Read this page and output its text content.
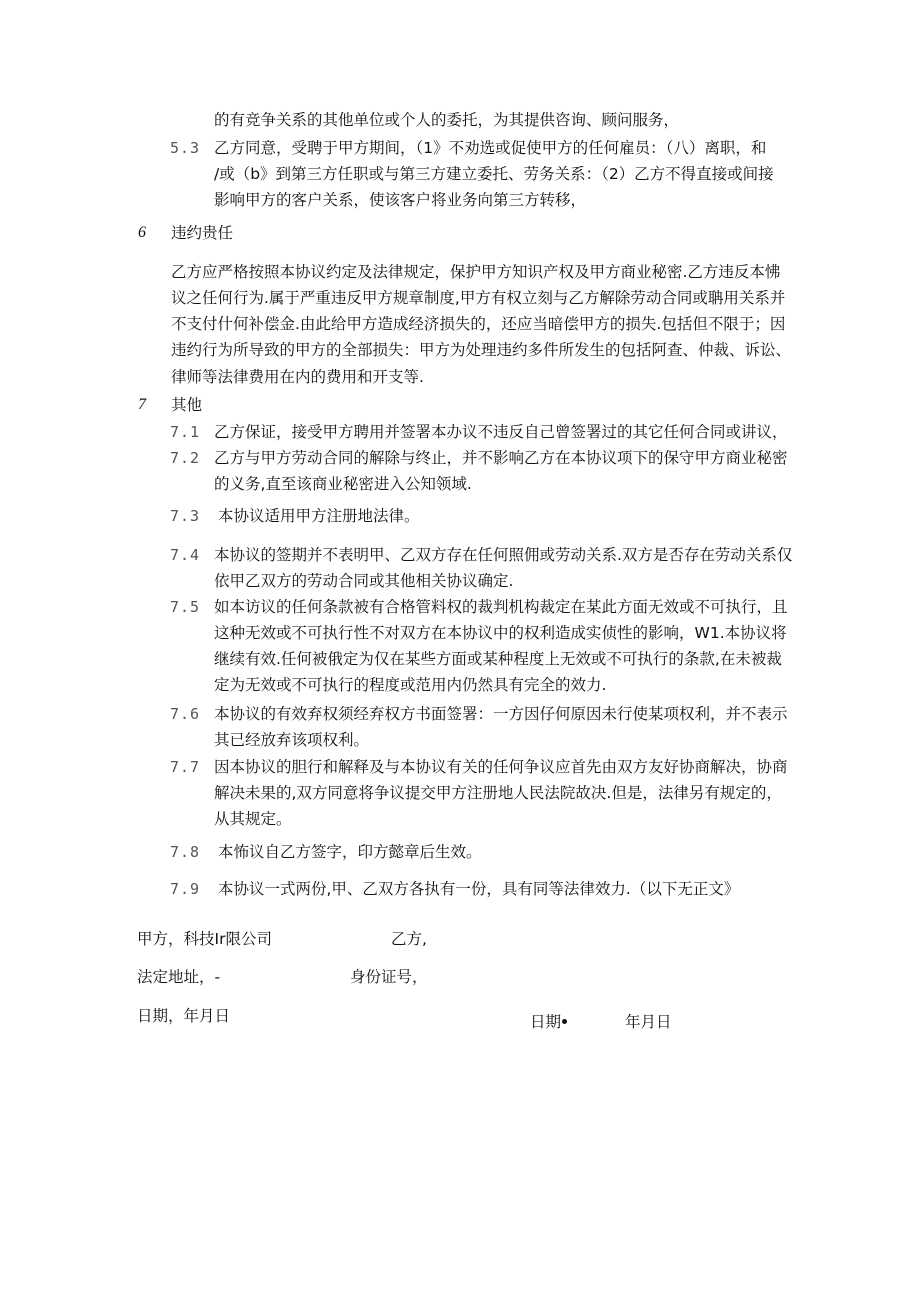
的有竞争关系的其他单位或个人的委托，为其提供咨询、顾问服务，
5.3 乙方同意，受聘于甲方期间，（1》不劝选或促使甲方的任何雇员：（八）离职，和
/或（b》到第三方任职或与第三方建立委托、劳务关系：（2）乙方不得直接或间接
影响甲方的客户关系，使该客户将业务向第三方转移，
6 违约贵任
乙方应严格按照本协议约定及法律规定，保护甲方知识产权及甲方商业秘密.乙方违反本怫
议之任何行为.属于严重违反甲方规章制度,甲方有权立刻与乙方解除劳动合同或聃用关系并
不支付什何补偿金.由此给甲方造成经济损失的，还应当暗偿甲方的损失.包括但不限于；因
违约行为所导致的甲方的全部损失：甲方为处理违约多件所发生的包括阿查、仲裁、诉讼、
律师等法律费用在内的费用和开支等.
7 其他
7.1 乙方保证，接受甲方聘用并签署本办议不违反自己曾签署过的其它任何合同或讲议，
7.2 乙方与甲方劳动合同的解除与终止，并不影响乙方在本协议项下的保守甲方商业秘密
的义务,直至该商业秘密进入公知领域.
7.3 本协议适用甲方注册地法律。
7.4 本协议的签期并不表明甲、乙双方存在任何照佣或劳动关系.双方是否存在劳动关系仅
依甲乙双方的劳动合同或其他相关协议确定.
7.5 如本访议的任何条款被有合格管料权的裁判机构裁定在某此方面无效或不可执行，且
这种无效或不可执行性不对双方在本协议中的权利造成实侦性的影响，W1.本协议将
继续有效.任何被俄定为仅在某些方面或某种程度上无效或不可执行的条款,在未被裁
定为无效或不可执行的程度或范用内仍然具有完全的效力.
7.6 本协议的有效弃权须经弃权方书面签署：一方因仔何原因未行使某项权利，并不表示
其已经放弃该项权利。
7.7 因本协议的胆行和解释及与本协议有关的任何争议应首先由双方友好协商解决，协商
解决未果的,双方同意将争议提交甲方注册地人民法院故决.但是，法律另有规定的，
从其规定。
7.8 本怖议自乙方签字，印方懿章后生效。
7.9 本协议一式两份,甲、乙双方各执有一份，具有同等法律效力.（以下无正文》
甲方，科技Ir限公司	乙方,
法定地址，-	身份证号，
日期，年月日	日期	年月日
